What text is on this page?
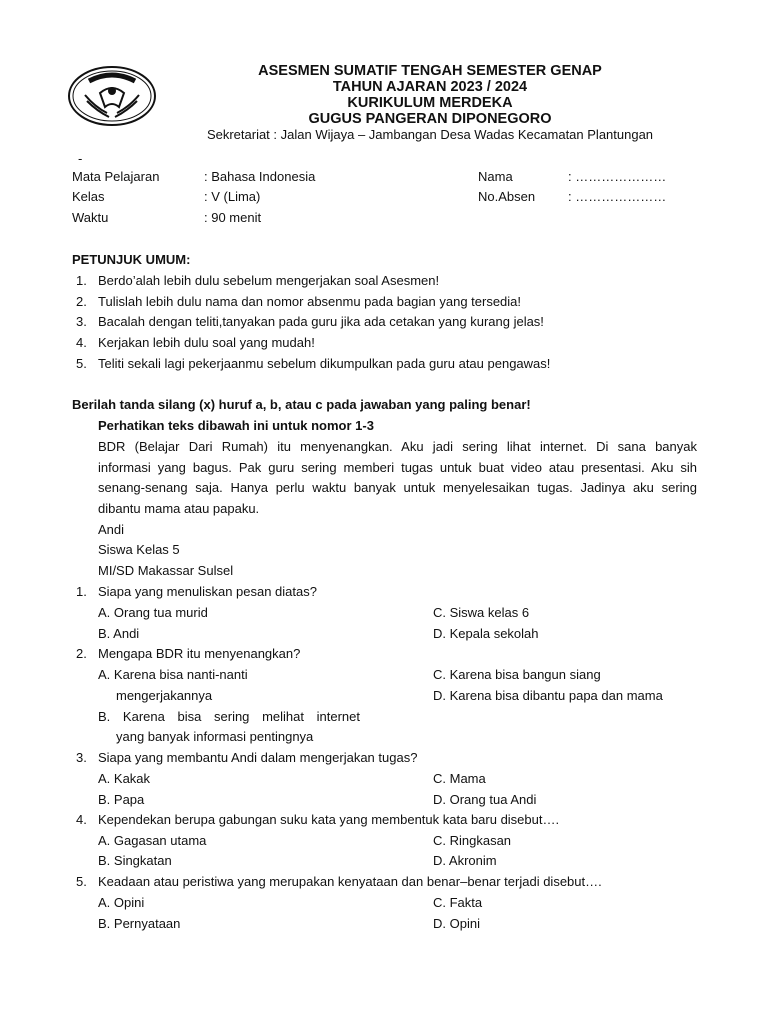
ASESMEN SUMATIF TENGAH SEMESTER GENAP
TAHUN AJARAN 2023 / 2024
KURIKULUM MERDEKA
GUGUS PANGERAN DIPONEGORO
Sekretariat : Jalan Wijaya – Jambangan Desa Wadas Kecamatan Plantungan
-
Mata Pelajaran	: Bahasa Indonesia	Nama	: …………………
Kelas	: V (Lima)	No.Absen	: …………………
Waktu	: 90 menit
PETUNJUK UMUM:
1. Berdo’alah lebih dulu sebelum mengerjakan soal Asesmen!
2. Tulislah lebih dulu nama dan nomor absenmu pada bagian yang tersedia!
3. Bacalah dengan teliti,tanyakan pada guru jika ada cetakan yang kurang jelas!
4. Kerjakan lebih dulu soal yang mudah!
5. Teliti sekali lagi pekerjaanmu sebelum dikumpulkan pada guru atau pengawas!
Berilah tanda silang (x) huruf a, b, atau c pada jawaban yang paling benar!
Perhatikan teks dibawah ini untuk nomor 1-3
BDR (Belajar Dari Rumah) itu menyenangkan. Aku jadi sering lihat internet. Di sana banyak
informasi yang bagus. Pak guru sering memberi tugas untuk buat video atau presentasi. Aku sih
senang-senang saja. Hanya perlu waktu banyak untuk menyelesaikan tugas. Jadinya aku sering
dibantu mama atau papaku.
Andi
Siswa Kelas 5
MI/SD Makassar Sulsel
1. Siapa yang menuliskan pesan diatas?
A. Orang tua murid	C. Siswa kelas 6
B. Andi	D. Kepala sekolah
2. Mengapa BDR itu menyenangkan?
A. Karena bisa nanti-nanti
mengerjakannya
B. Karena bisa sering melihat internet
yang banyak informasi pentingnya
C. Karena bisa bangun siang
D. Karena bisa dibantu papa dan mama
3. Siapa yang membantu Andi dalam mengerjakan tugas?
A. Kakak	C. Mama
B. Papa	D. Orang tua Andi
4. Kependekan berupa gabungan suku kata yang membentuk kata baru disebut….
A. Gagasan utama	C. Ringkasan
B. Singkatan	D. Akronim
5. Keadaan atau peristiwa yang merupakan kenyataan dan benar–benar terjadi disebut….
A. Opini	C. Fakta
B. Pernyataan	D. Opini
